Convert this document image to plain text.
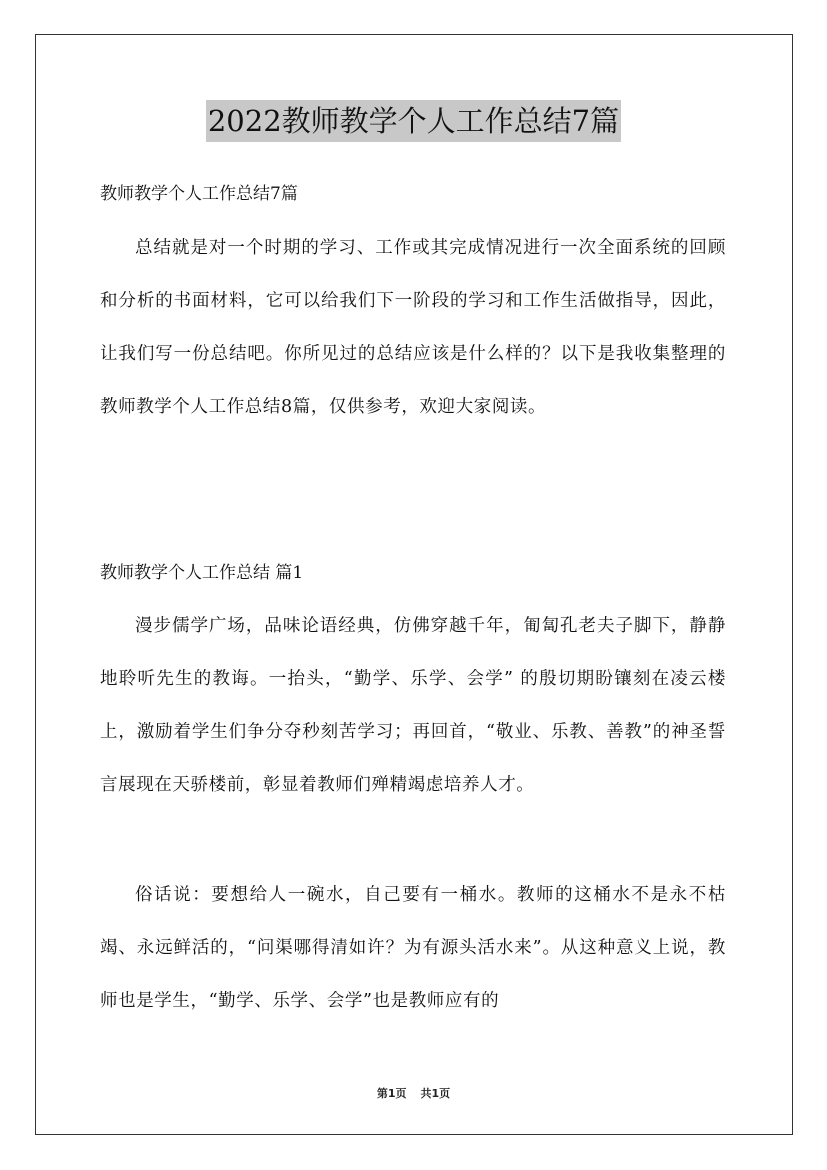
2022教师教学个人工作总结7篇
教师教学个人工作总结7篇

总结就是对一个时期的学习、工作或其完成情况进行一次全面系统的回顾和分析的书面材料，它可以给我们下一阶段的学习和工作生活做指导，因此，让我们写一份总结吧。你所见过的总结应该是什么样的？以下是我收集整理的教师教学个人工作总结8篇，仅供参考，欢迎大家阅读。

教师教学个人工作总结 篇1

漫步儒学广场，品味论语经典，仿佛穿越千年，匍匐孔老夫子脚下，静静地聆听先生的教诲。一抬头，“勤学、乐学、会学” 的殷切期盼镶刻在凌云楼上，激励着学生们争分夺秒刻苦学习；再回首，“敬业、乐教、善教”的神圣誓言展现在天骄楼前，彰显着教师们殚精竭虑培养人才。

俗话说：要想给人一碗水，自己要有一桶水。教师的这桶水不是永不枯竭、永远鲜活的，“问渠哪得清如许？为有源头活水来”。从这种意义上说，教师也是学生，“勤学、乐学、会学”也是教师应有的

第1页 共1页
